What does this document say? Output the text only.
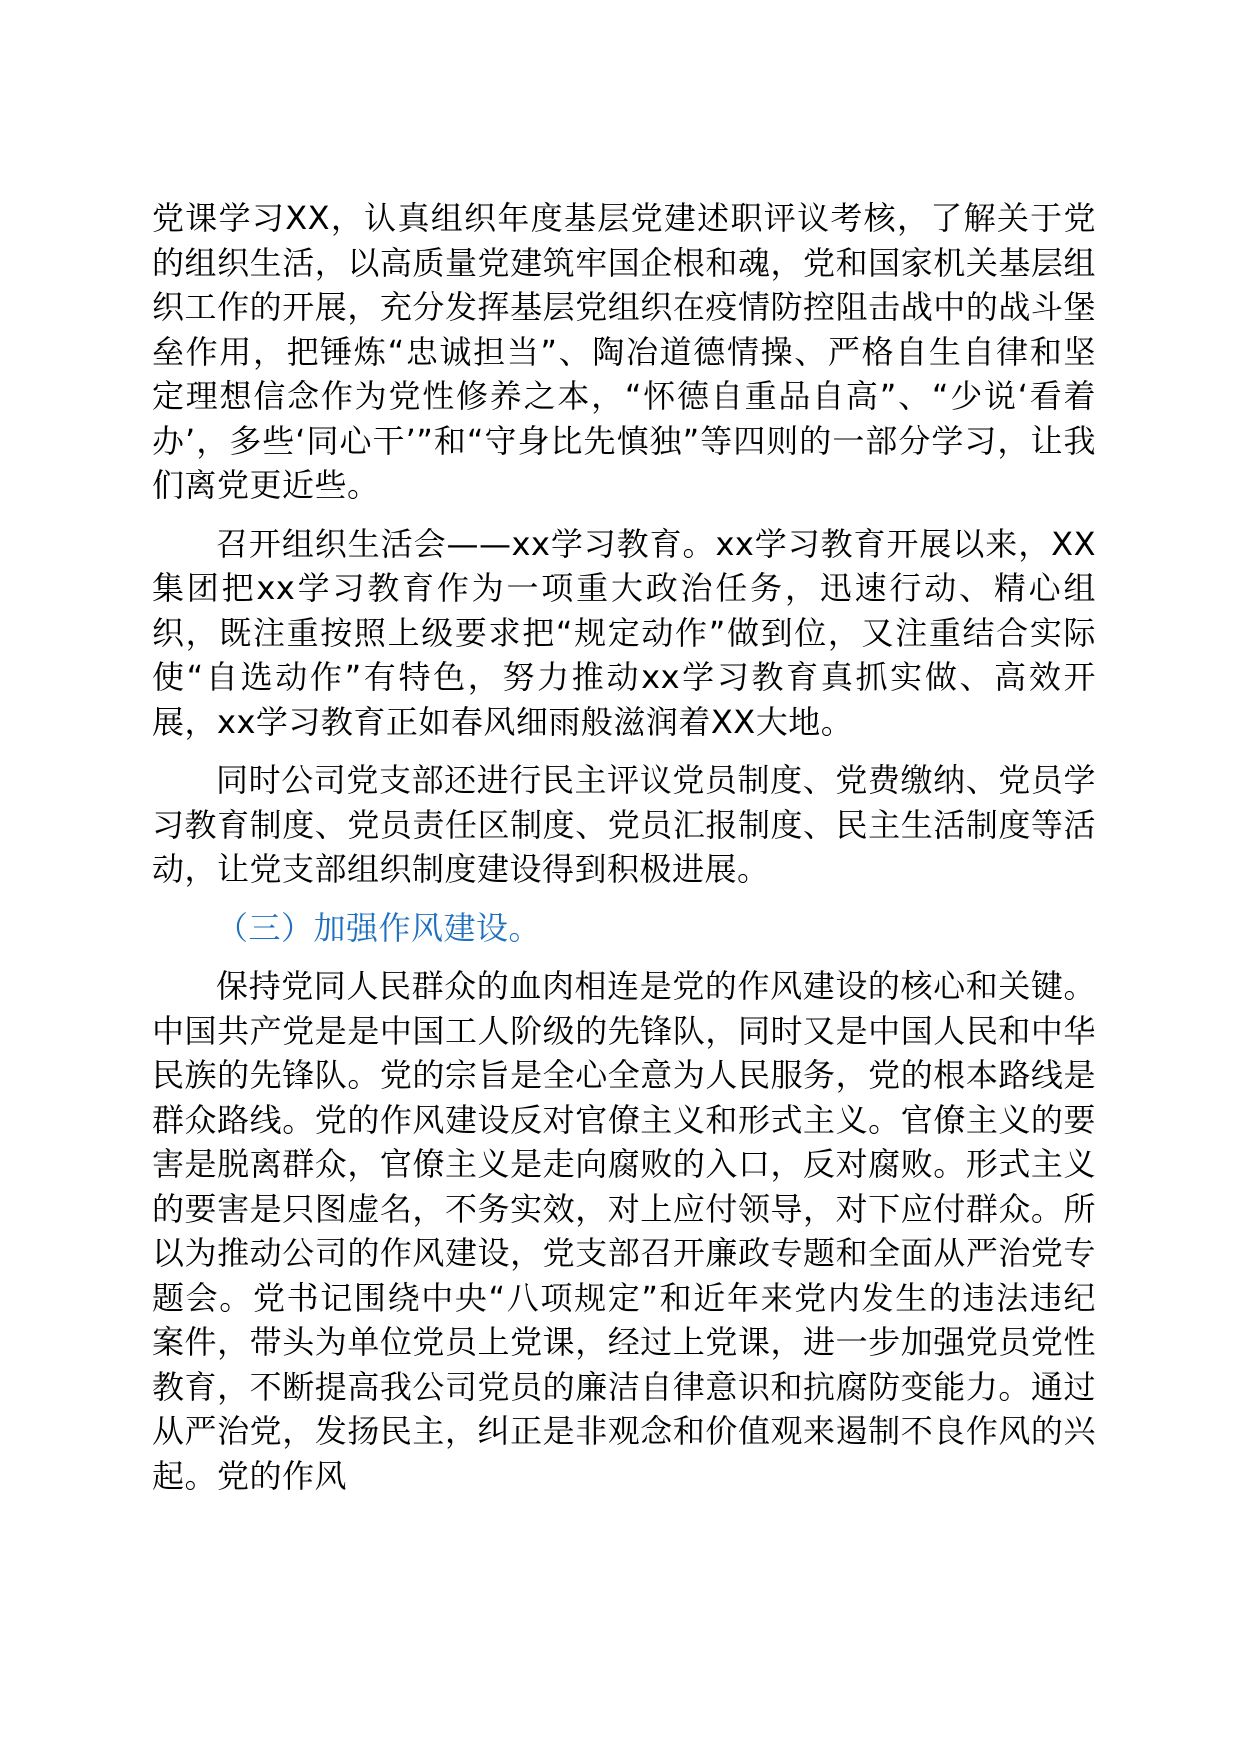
党课学习XX，认真组织年度基层党建述职评议考核，了解关于党的组织生活，以高质量党建筑牢国企根和魂，党和国家机关基层组织工作的开展，充分发挥基层党组织在疫情防控阻击战中的战斗堡垒作用，把锤炼“忠诚担当”、陶冶道德情操、严格自生自律和坚定理想信念作为党性修养之本，“怀德自重品自高”、“少说‘看着办’，多些‘同心干’”和“守身比先慎独”等四则的一部分学习，让我们离党更近些。

召开组织生活会——xx学习教育。xx学习教育开展以来，XX集团把xx学习教育作为一项重大政治任务，迅速行动、精心组织，既注重按照上级要求把“规定动作”做到位，又注重结合实际使“自选动作”有特色，努力推动xx学习教育真抓实做、高效开展，xx学习教育正如春风细雨般滋润着XX大地。

同时公司党支部还进行民主评议党员制度、党费缴纳、党员学习教育制度、党员责任区制度、党员汇报制度、民主生活制度等活动，让党支部组织制度建设得到积极进展。

（三）加强作风建设。

保持党同人民群众的血肉相连是党的作风建设的核心和关键。中国共产党是是中国工人阶级的先锋队，同时又是中国人民和中华民族的先锋队。党的宗旨是全心全意为人民服务，党的根本路线是群众路线。党的作风建设反对官僚主义和形式主义。官僚主义的要害是脱离群众，官僚主义是走向腐败的入口，反对腐败。形式主义的要害是只图虚名，不务实效，对上应付领导，对下应付群众。所以为推动公司的作风建设，党支部召开廉政专题和全面从严治党专题会。党书记围绕中央“八项规定”和近年来党内发生的违法违纪案件，带头为单位党员上党课，经过上党课，进一步加强党员党性教育，不断提高我公司党员的廉洁自律意识和抗腐防变能力。通过从严治党，发扬民主，纠正是非观念和价值观来遏制不良作风的兴起。党的作风
